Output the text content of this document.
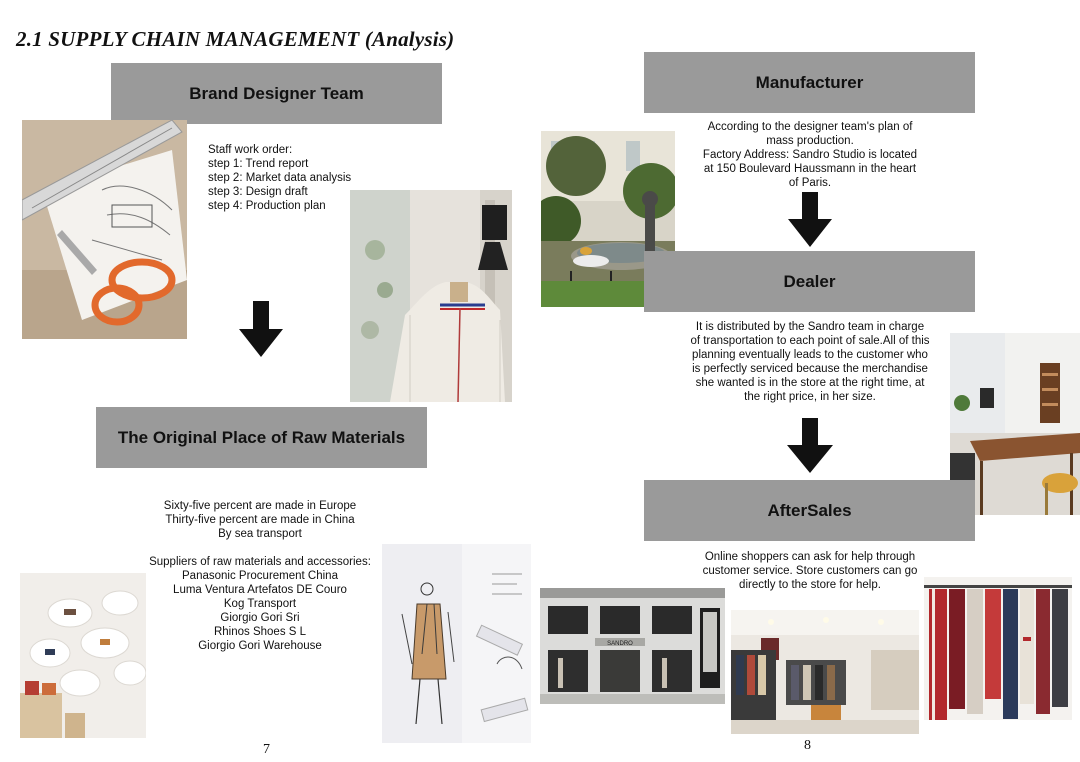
2.1 SUPPLY CHAIN MANAGEMENT (Analysis)
Brand Designer Team
Staff work order:
step 1: Trend report
step 2: Market data analysis
step 3: Design draft
step 4: Production plan
The Original Place of Raw Materials
Sixty-five percent are made in Europe
Thirty-five percent are made in China
By sea transport
Suppliers of raw materials and accessories:
Panasonic Procurement China
Luma Ventura Artefatos DE Couro
Kog Transport
Giorgio Gori Sri
Rhinos Shoes S L
Giorgio Gori Warehouse
7
Manufacturer
According to the designer team's plan of
mass production.
Factory Address: Sandro Studio is located
at 150 Boulevard Haussmann in the heart
of Paris.
Dealer
It is distributed by the Sandro team in charge
of transportation to each point of sale.All of this
planning eventually leads to the customer who
is perfectly serviced because the merchandise
she wanted is in the store at the right time, at
the right price, in her size.
AfterSales
Online shoppers can ask for help through
customer service. Store customers can go
directly to the store for help.
SANDRO
8
